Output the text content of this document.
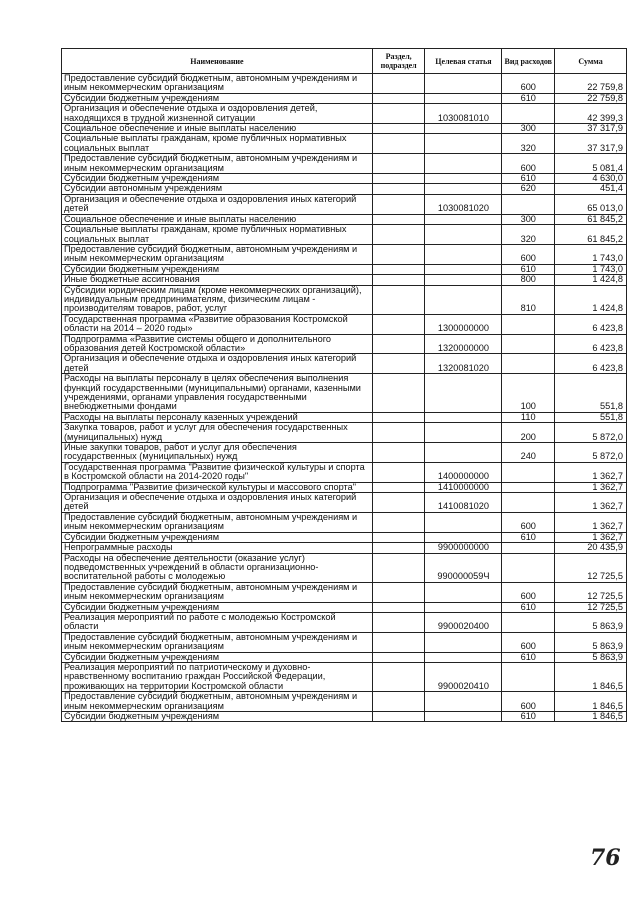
Наименование	Раздел, подраздел	Целевая статья	Вид расходов	Сумма
Предоставление субсидий бюджетным, автономным учреждениям и иным некоммерческим организациям			600	22 759,8
Субсидии бюджетным учреждениям			610	22 759,8
Организация и обеспечение отдыха и оздоровления детей, находящихся в трудной жизненной ситуации		1030081010		42 399,3
Социальное обеспечение и иные выплаты населению			300	37 317,9
Социальные выплаты гражданам, кроме публичных нормативных социальных выплат			320	37 317,9
Предоставление субсидий бюджетным, автономным учреждениям и иным некоммерческим организациям			600	5 081,4
Субсидии бюджетным учреждениям			610	4 630,0
Субсидии автономным учреждениям			620	451,4
Организация и обеспечение отдыха и оздоровления иных категорий детей		1030081020		65 013,0
Социальное обеспечение и иные выплаты населению			300	61 845,2
Социальные выплаты гражданам, кроме публичных нормативных социальных выплат			320	61 845,2
Предоставление субсидий бюджетным, автономным учреждениям и иным некоммерческим организациям			600	1 743,0
Субсидии бюджетным учреждениям			610	1 743,0
Иные бюджетные ассигнования			800	1 424,8
Субсидии юридическим лицам (кроме некоммерческих организаций), индивидуальным предпринимателям, физическим лицам - производителям товаров, работ, услуг			810	1 424,8
Государственная программа «Развитие образования Костромской области на 2014 – 2020 годы»		1300000000		6 423,8
Подпрограмма «Развитие системы общего и дополнительного образования детей Костромской области»		1320000000		6 423,8
Организация и обеспечение отдыха и оздоровления иных категорий детей		1320081020		6 423,8
Расходы на выплаты персоналу в целях обеспечения выполнения функций государственными (муниципальными) органами, казенными учреждениями, органами управления государственными внебюджетными фондами			100	551,8
Расходы на выплаты персоналу казенных учреждений			110	551,8
Закупка товаров, работ и услуг для обеспечения государственных (муниципальных) нужд			200	5 872,0
Иные закупки товаров, работ и услуг для обеспечения государственных (муниципальных) нужд			240	5 872,0
Государственная программа "Развитие физической культуры и спорта в Костромской области на 2014-2020 годы"		1400000000		1 362,7
Подпрограмма "Развитие физической культуры и массового спорта"		1410000000		1 362,7
Организация и обеспечение отдыха и оздоровления иных категорий детей		1410081020		1 362,7
Предоставление субсидий бюджетным, автономным учреждениям и иным некоммерческим организациям			600	1 362,7
Субсидии бюджетным учреждениям			610	1 362,7
Непрограммные расходы		9900000000		20 435,9
Расходы на обеспечение деятельности (оказание услуг) подведомственных учреждений в области организационно-воспитательной работы с молодежью		990000059Ч		12 725,5
Предоставление субсидий бюджетным, автономным учреждениям и иным некоммерческим организациям			600	12 725,5
Субсидии бюджетным учреждениям			610	12 725,5
Реализация мероприятий по работе с молодежью Костромской области		9900020400		5 863,9
Предоставление субсидий бюджетным, автономным учреждениям и иным некоммерческим организациям			600	5 863,9
Субсидии бюджетным учреждениям			610	5 863,9
Реализация мероприятий по патриотическому и духовно-нравственному воспитанию граждан Российской Федерации, проживающих на территории Костромской области		9900020410		1 846,5
Предоставление субсидий бюджетным, автономным учреждениям и иным некоммерческим организациям			600	1 846,5
Субсидии бюджетным учреждениям			610	1 846,5
76
